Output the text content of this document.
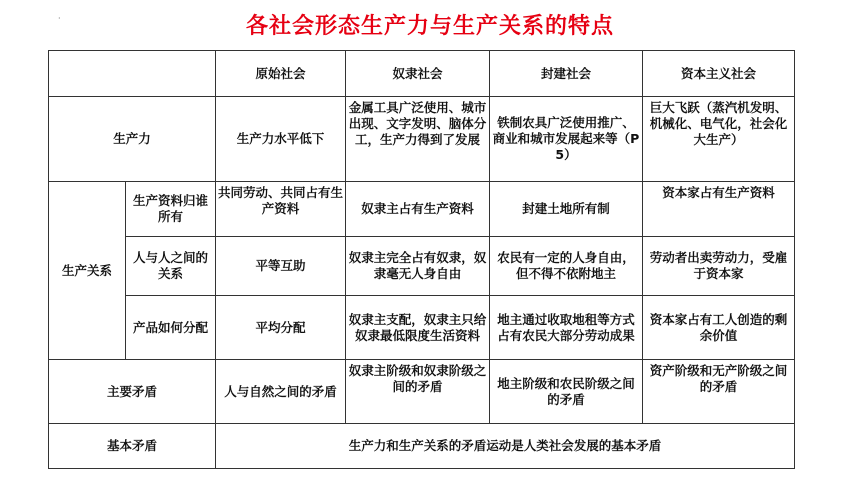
·	各社会形态生产力与生产关系的特点
		原始社会	奴隶社会	封建社会	资本主义社会
生产力		生产力水平低下	金属工具广泛使用、城市出现、文字发明、脑体分工，生产力得到了发展	铁制农具广泛使用推广、商业和城市发展起来等（P5）	巨大飞跃（蒸汽机发明、机械化、电气化，社会化大生产）
生产关系	生产资料归谁所有	共同劳动、共同占有生产资料	奴隶主占有生产资料	封建土地所有制	资本家占有生产资料
	人与人之间的关系	平等互助	奴隶主完全占有奴隶，奴隶毫无人身自由	农民有一定的人身自由，但不得不依附地主	劳动者出卖劳动力，受雇于资本家
	产品如何分配	平均分配	奴隶主支配，奴隶主只给奴隶最低限度生活资料	地主通过收取地租等方式占有农民大部分劳动成果	资本家占有工人创造的剩余价值
主要矛盾		人与自然之间的矛盾	奴隶主阶级和奴隶阶级之间的矛盾	地主阶级和农民阶级之间的矛盾	资产阶级和无产阶级之间的矛盾
基本矛盾		生产力和生产关系的矛盾运动是人类社会发展的基本矛盾			
